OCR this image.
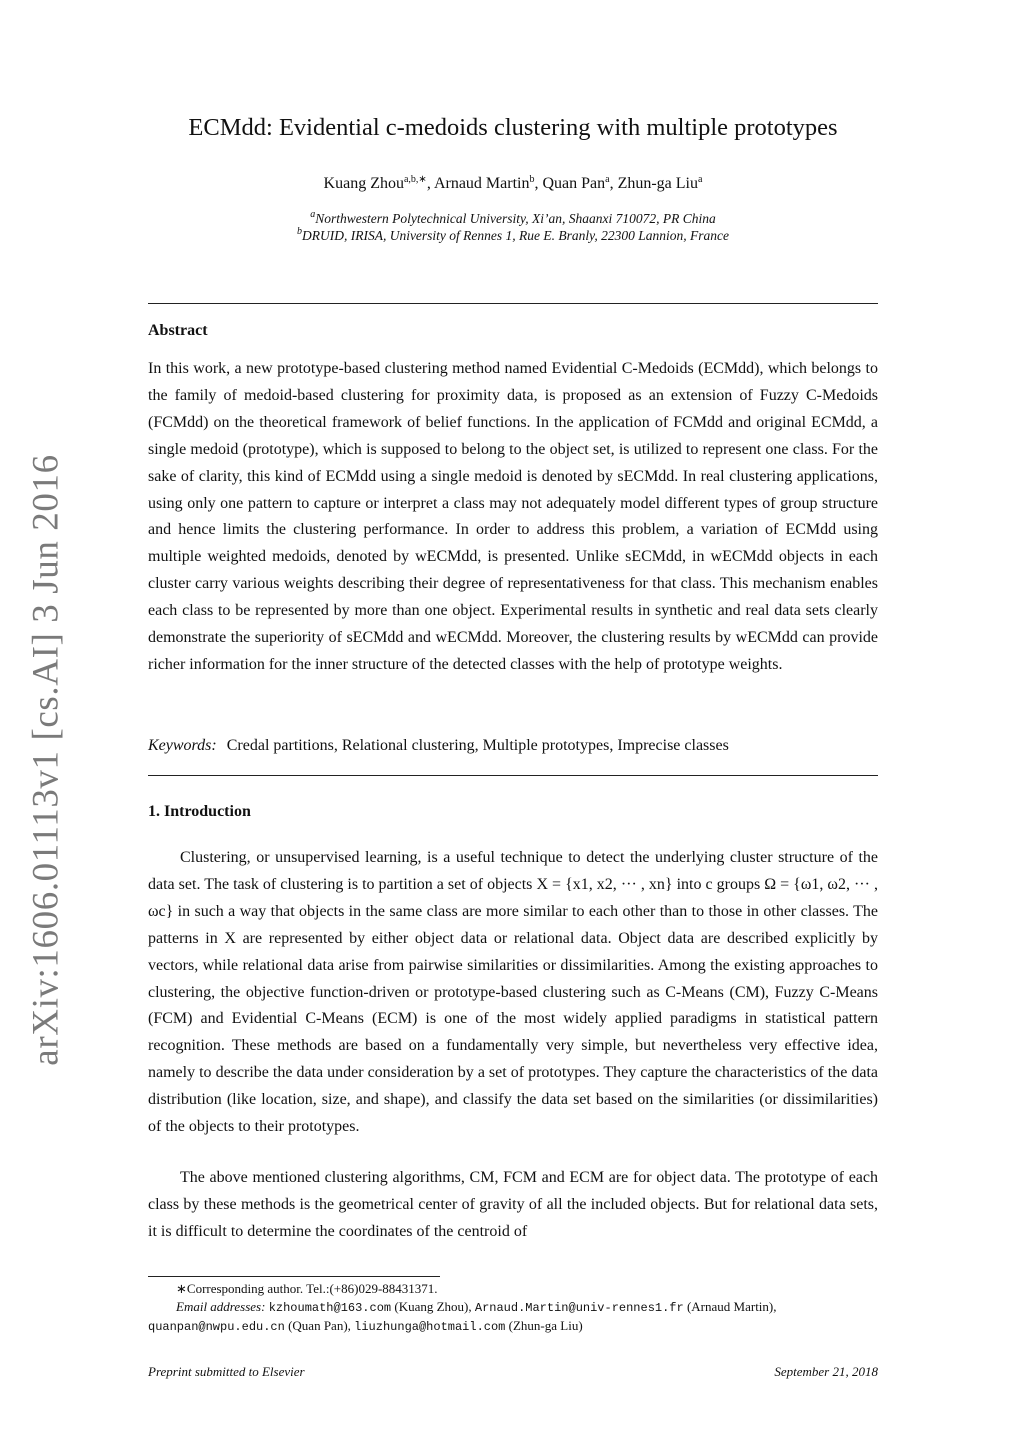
arXiv:1606.01113v1 [cs.AI] 3 Jun 2016
ECMdd: Evidential c-medoids clustering with multiple prototypes
Kuang Zhou$^{a,b,∗}$, Arnaud Martin$^b$, Quan Pan$^a$, Zhun-ga Liu$^a$
$^a$Northwestern Polytechnical University, Xi’an, Shaanxi 710072, PR China
$^b$DRUID, IRISA, University of Rennes 1, Rue E. Branly, 22300 Lannion, France
Abstract
In this work, a new prototype-based clustering method named Evidential C-Medoids (ECMdd), which belongs to the family of medoid-based clustering for proximity data, is proposed as an extension of Fuzzy C-Medoids (FCMdd) on the theoretical framework of belief functions. In the application of FCMdd and original ECMdd, a single medoid (prototype), which is supposed to belong to the object set, is utilized to represent one class. For the sake of clarity, this kind of ECMdd using a single medoid is denoted by sECMdd. In real clustering applications, using only one pattern to capture or interpret a class may not adequately model different types of group structure and hence limits the clustering performance. In order to address this problem, a variation of ECMdd using multiple weighted medoids, denoted by wECMdd, is presented. Unlike sECMdd, in wECMdd objects in each cluster carry various weights describing their degree of representativeness for that class. This mechanism enables each class to be represented by more than one object. Experimental results in synthetic and real data sets clearly demonstrate the superiority of sECMdd and wECMdd. Moreover, the clustering results by wECMdd can provide richer information for the inner structure of the detected classes with the help of prototype weights.
Keywords: Credal partitions, Relational clustering, Multiple prototypes, Imprecise classes
1. Introduction
Clustering, or unsupervised learning, is a useful technique to detect the underlying cluster structure of the data set. The task of clustering is to partition a set of objects X = {x1, x2, ··· , xn} into c groups Ω = {ω1, ω2, ··· , ωc} in such a way that objects in the same class are more similar to each other than to those in other classes. The patterns in X are represented by either object data or relational data. Object data are described explicitly by vectors, while relational data arise from pairwise similarities or dissimilarities. Among the existing approaches to clustering, the objective function-driven or prototype-based clustering such as C-Means (CM), Fuzzy C-Means (FCM) and Evidential C-Means (ECM) is one of the most widely applied paradigms in statistical pattern recognition. These methods are based on a fundamentally very simple, but nevertheless very effective idea, namely to describe the data under consideration by a set of prototypes. They capture the characteristics of the data distribution (like location, size, and shape), and classify the data set based on the similarities (or dissimilarities) of the objects to their prototypes.
The above mentioned clustering algorithms, CM, FCM and ECM are for object data. The prototype of each class by these methods is the geometrical center of gravity of all the included objects. But for relational data sets, it is difficult to determine the coordinates of the centroid of
∗Corresponding author. Tel.:(+86)029-88431371.
Email addresses: kzhoumath@163.com (Kuang Zhou), Arnaud.Martin@univ-rennes1.fr (Arnaud Martin),
quanpan@nwpu.edu.cn (Quan Pan), liuzhunga@hotmail.com (Zhun-ga Liu)
Preprint submitted to Elsevier	September 21, 2018
